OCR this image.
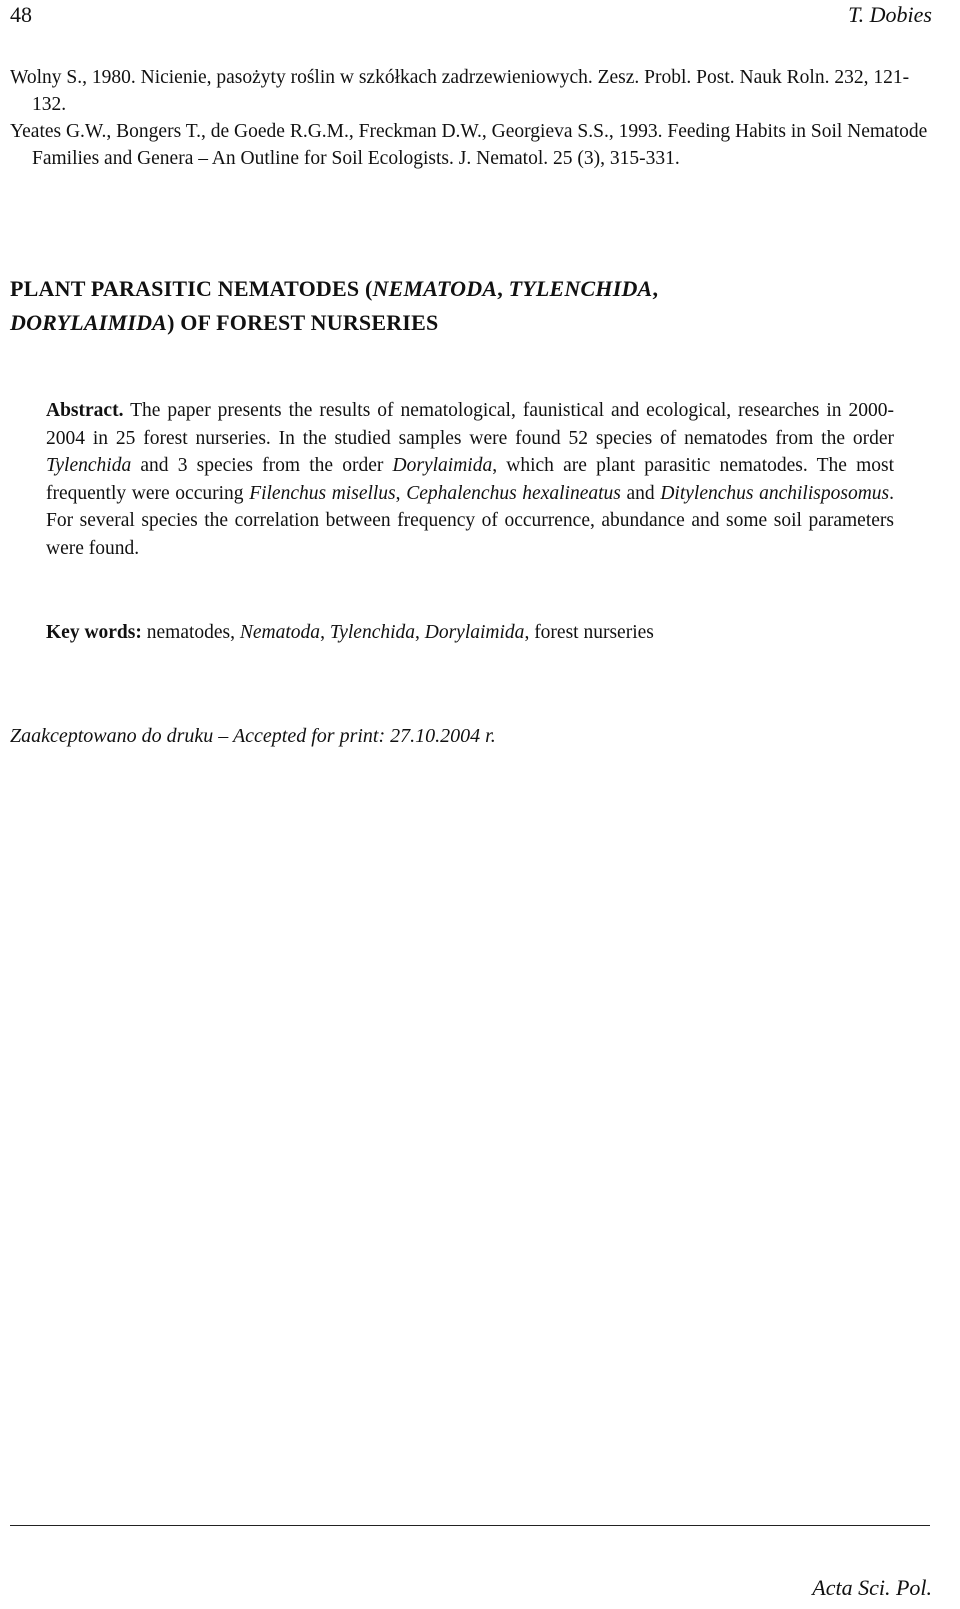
48	T. Dobies

Wolny S., 1980. Nicienie, pasożyty roślin w szkółkach zadrzewieniowych. Zesz. Probl. Post. Nauk Roln. 232, 121-132.

Yeates G.W., Bongers T., de Goede R.G.M., Freckman D.W., Georgieva S.S., 1993. Feeding Habits in Soil Nematode Families and Genera – An Outline for Soil Ecologists. J. Nematol. 25 (3), 315-331.

PLANT PARASITIC NEMATODES (NEMATODA, TYLENCHIDA,
DORYLAIMIDA) OF FOREST NURSERIES
Abstract. The paper presents the results of nematological, faunistical and ecological, researches in 2000-2004 in 25 forest nurseries. In the studied samples were found 52 species of nematodes from the order Tylenchida and 3 species from the order Dorylaimida, which are plant parasitic nematodes. The most frequently were occuring Filenchus misellus, Cephalenchus hexalineatus and Ditylenchus anchilisposomus. For several species the correlation between frequency of occurrence, abundance and some soil parameters were found.
Key words: nematodes, Nematoda, Tylenchida, Dorylaimida, forest nurseries
Zaakceptowano do druku – Accepted for print: 27.10.2004 r.
Acta Sci. Pol.
